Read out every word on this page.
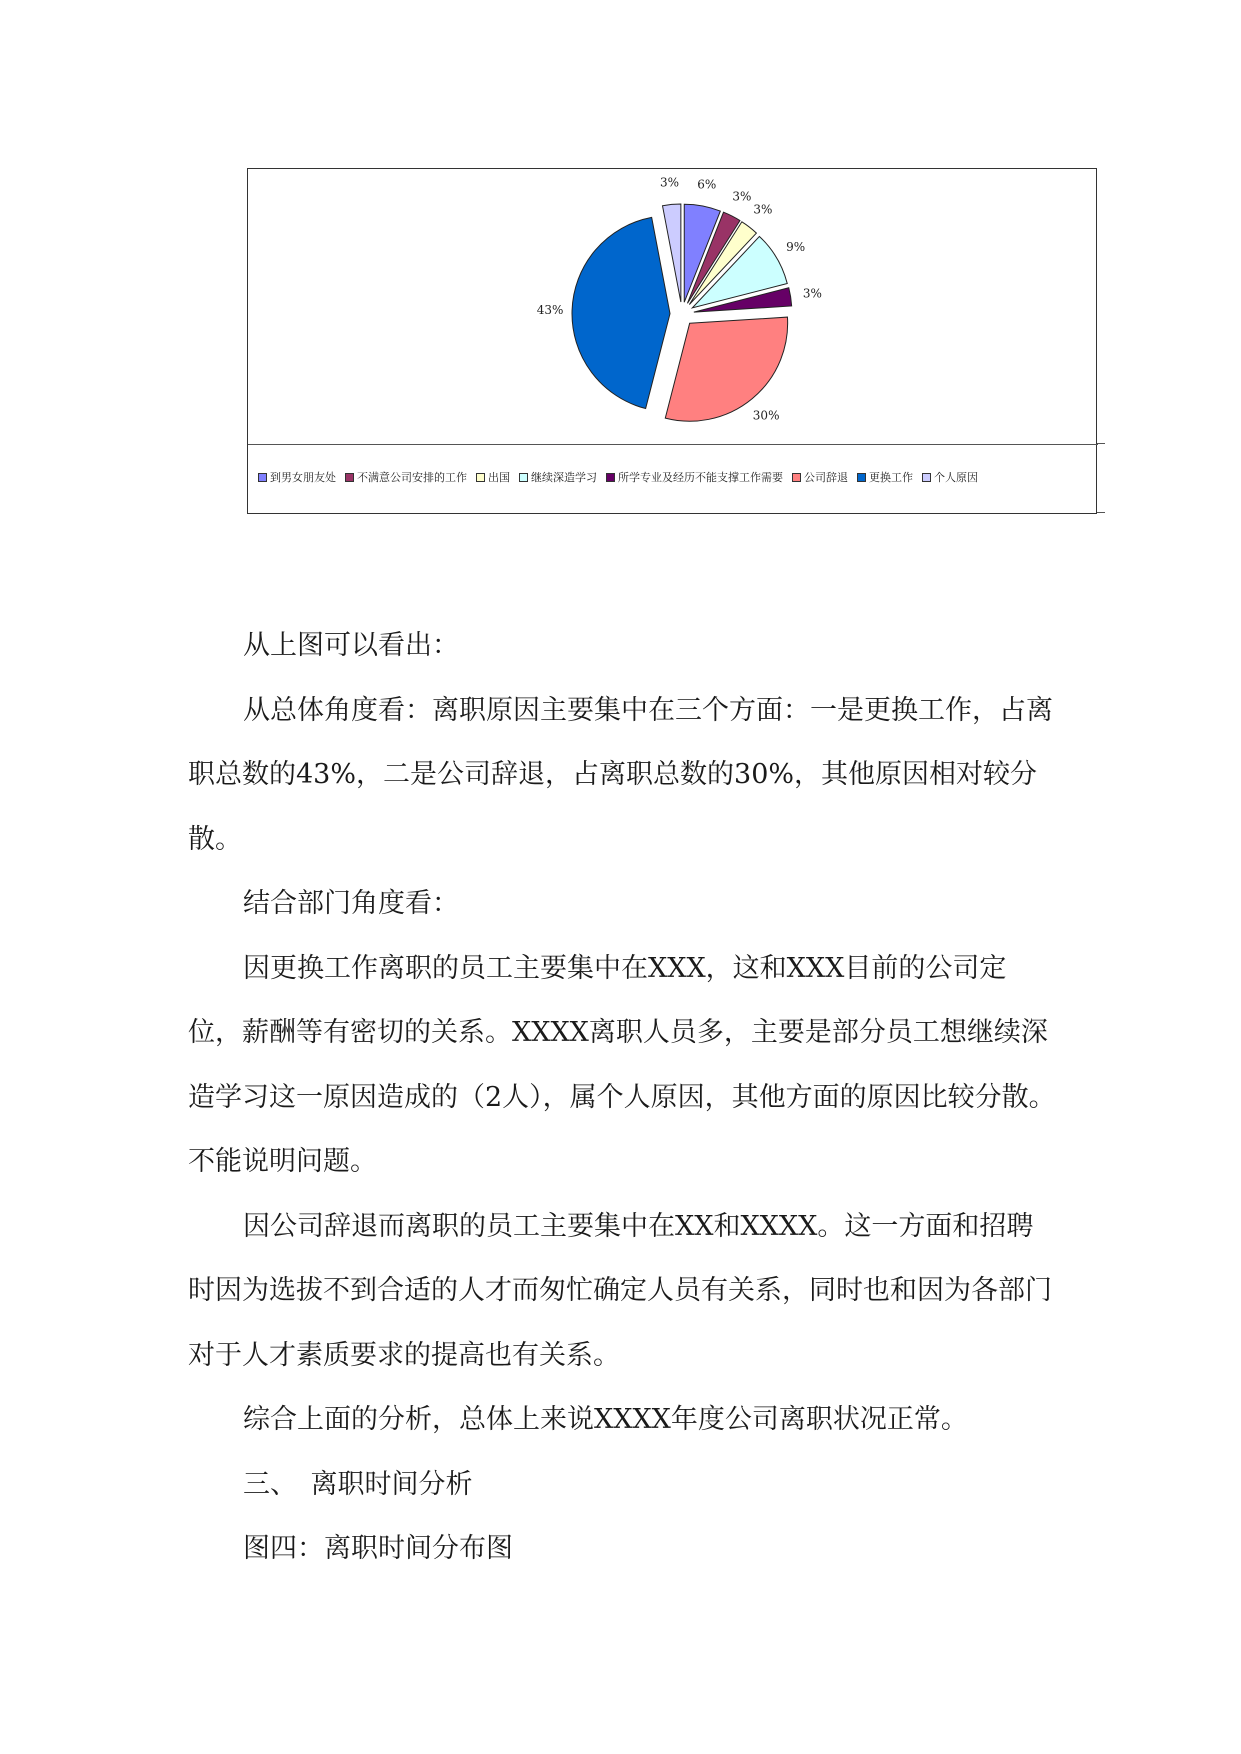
6%
3%
3%
9%
3%
30%
43%
3%
到男女朋友处 不满意公司安排的工作 出国 继续深造学习 所学专业及经历不能支撑工作需要 公司辞退 更换工作 个人原因

从上图可以看出：

从总体角度看：离职原因主要集中在三个方面：一是更换工作，占离职总数的43%，二是公司辞退，占离职总数的30%，其他原因相对较分散。

结合部门角度看：

因更换工作离职的员工主要集中在XXX，这和XXX目前的公司定位，薪酬等有密切的关系。XXXX离职人员多，主要是部分员工想继续深造学习这一原因造成的（2人），属个人原因，其他方面的原因比较分散。不能说明问题。

因公司辞退而离职的员工主要集中在XX和XXXX。这一方面和招聘时因为选拔不到合适的人才而匆忙确定人员有关系，同时也和因为各部门对于人才素质要求的提高也有关系。

综合上面的分析，总体上来说XXXX年度公司离职状况正常。

三、　离职时间分析

图四：离职时间分布图
